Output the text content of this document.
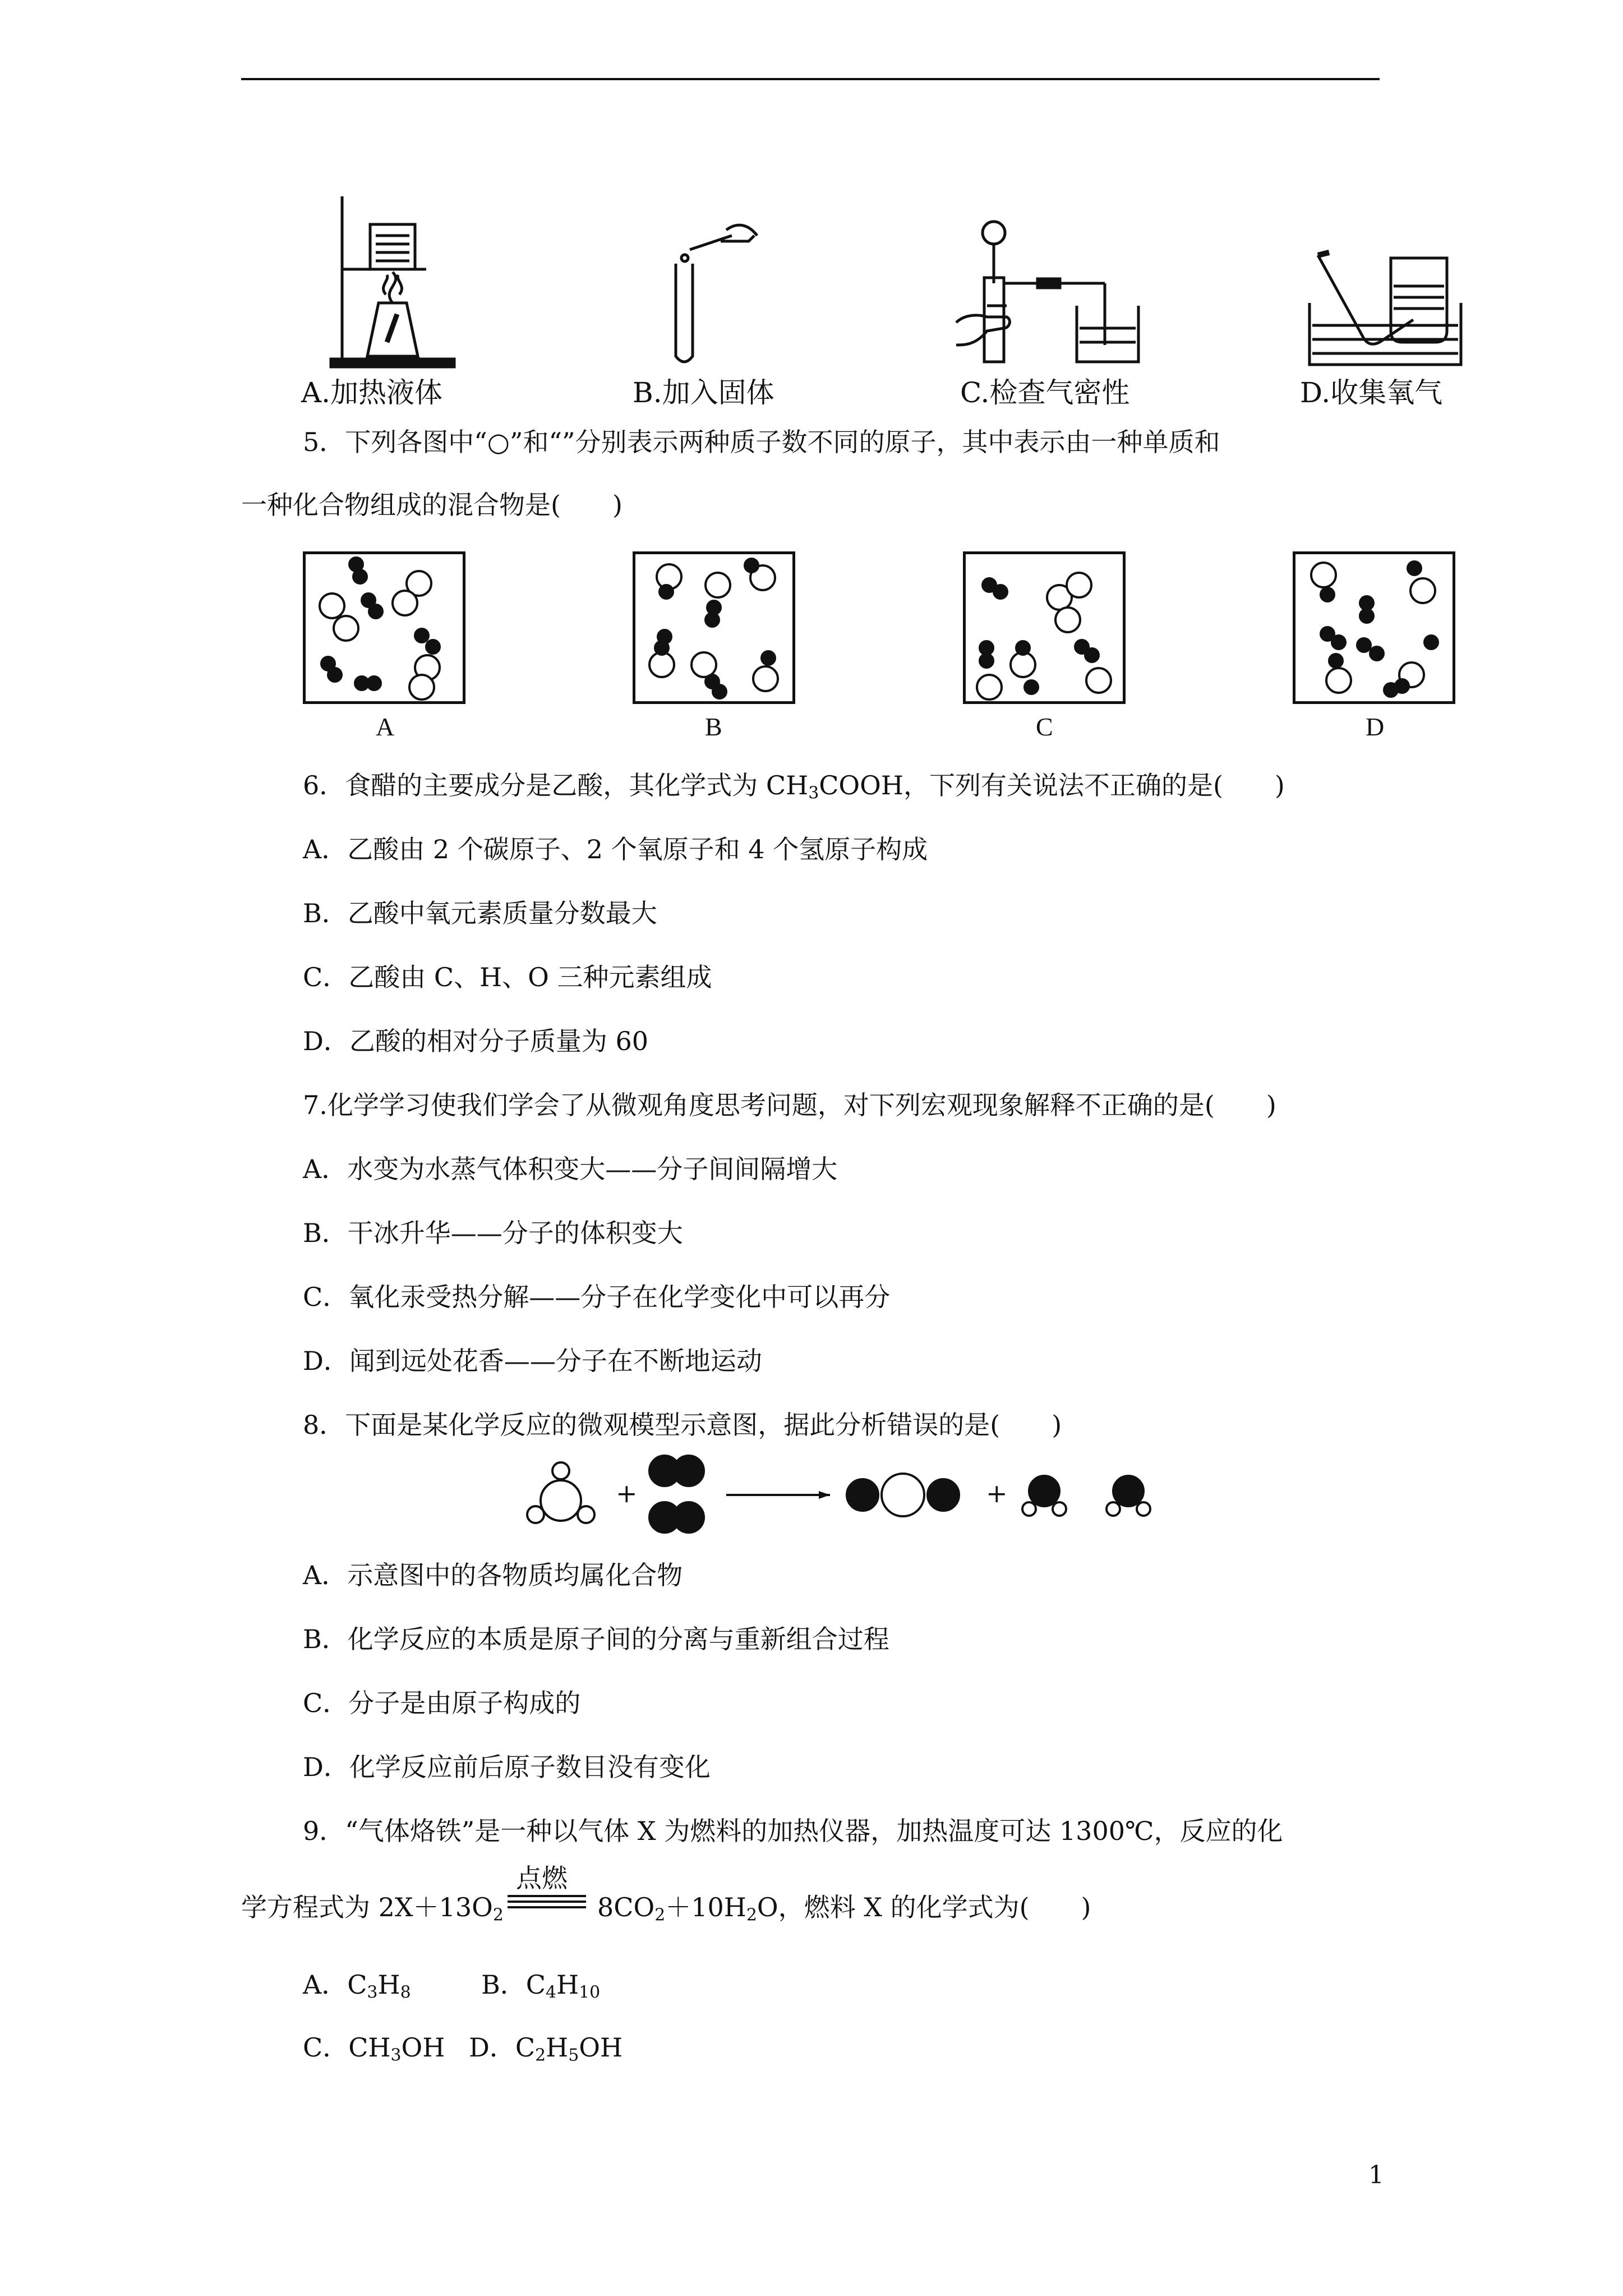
A.加热液体	B.加入固体	C.检查气密性	D.收集氧气
5．下列各图中“○”和“”分别表示两种质子数不同的原子，其中表示由一种单质和
一种化合物组成的混合物是(　　)
A	B	C	D
6．食醋的主要成分是乙酸，其化学式为 $CH_3COOH$，下列有关说法不正确的是(　　)
A．乙酸由 2 个碳原子、2 个氧原子和 4 个氢原子构成
B．乙酸中氧元素质量分数最大
C．乙酸由 C、H、O 三种元素组成
D．乙酸的相对分子质量为 60
7.化学学习使我们学会了从微观角度思考问题，对下列宏观现象解释不正确的是(　　)
A．水变为水蒸气体积变大——分子间间隔增大
B．干冰升华——分子的体积变大
C．氧化汞受热分解——分子在化学变化中可以再分
D．闻到远处花香——分子在不断地运动
8．下面是某化学反应的微观模型示意图，据此分析错误的是(　　)
+	+
A．示意图中的各物质均属化合物
B．化学反应的本质是原子间的分离与重新组合过程
C．分子是由原子构成的
D．化学反应前后原子数目没有变化
9．“气体烙铁”是一种以气体 X 为燃料的加热仪器，加热温度可达 1300℃，反应的化
学方程式为 $2X+13O_2$
点燃
$8CO_2+10H_2O$，燃料 X 的化学式为(　　)
A．$C_3H_8$	B．$C_4H_{10}$
C．$CH_3OH$ D．$C_2H_5OH$
1
